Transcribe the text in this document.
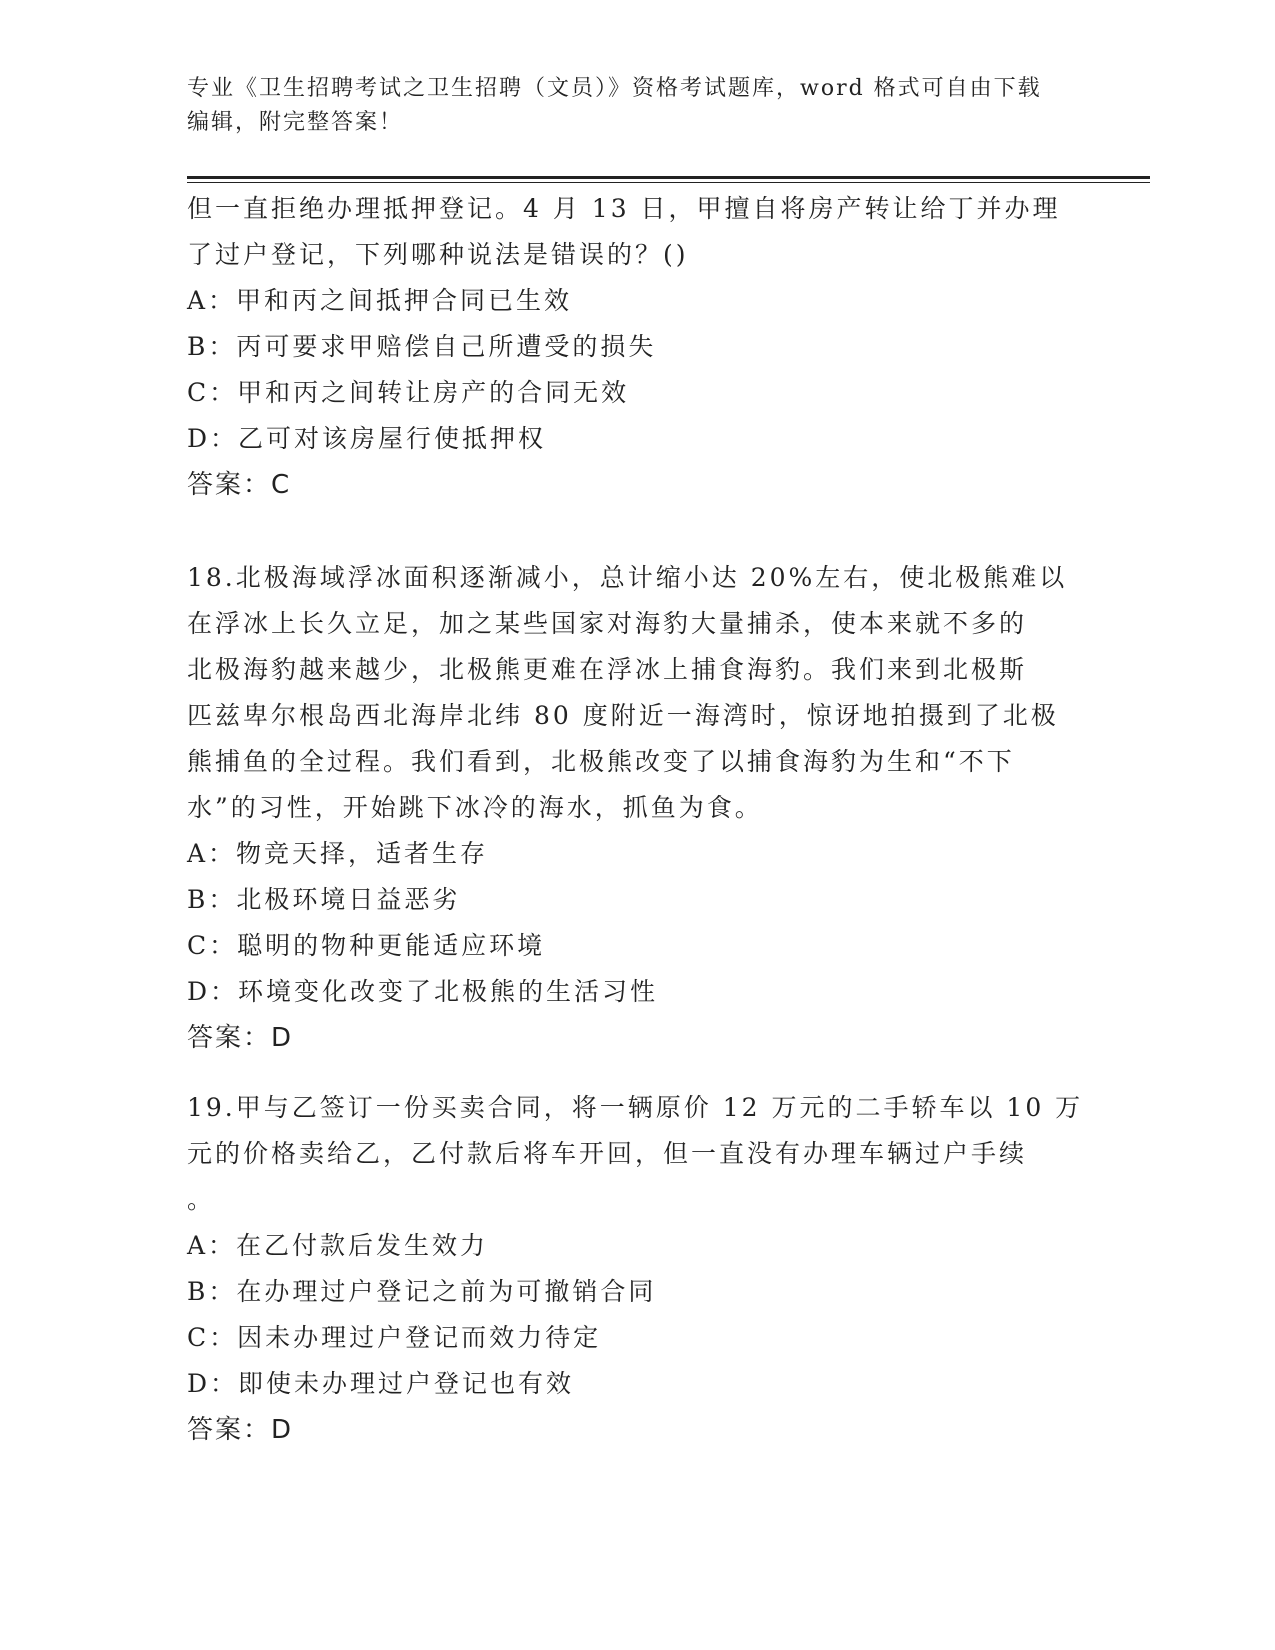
专业《卫生招聘考试之卫生招聘（文员）》资格考试题库，word 格式可自由下载
编辑，附完整答案！

但一直拒绝办理抵押登记。4 月 13 日，甲擅自将房产转让给丁并办理

了过户登记，下列哪种说法是错误的？()

A：甲和丙之间抵押合同已生效

B：丙可要求甲赔偿自己所遭受的损失

C：甲和丙之间转让房产的合同无效

D：乙可对该房屋行使抵押权

答案：C

18.北极海域浮冰面积逐渐减小，总计缩小达 20%左右，使北极熊难以

在浮冰上长久立足，加之某些国家对海豹大量捕杀，使本来就不多的

北极海豹越来越少，北极熊更难在浮冰上捕食海豹。我们来到北极斯

匹兹卑尔根岛西北海岸北纬 80 度附近一海湾时，惊讶地拍摄到了北极

熊捕鱼的全过程。我们看到，北极熊改变了以捕食海豹为生和“不下

水”的习性，开始跳下冰冷的海水，抓鱼为食。

A：物竞天择，适者生存

B：北极环境日益恶劣

C：聪明的物种更能适应环境

D：环境变化改变了北极熊的生活习性

答案：D

19.甲与乙签订一份买卖合同，将一辆原价 12 万元的二手轿车以 10 万

元的价格卖给乙，乙付款后将车开回，但一直没有办理车辆过户手续

。

A：在乙付款后发生效力

B：在办理过户登记之前为可撤销合同

C：因未办理过户登记而效力待定

D：即使未办理过户登记也有效

答案：D
